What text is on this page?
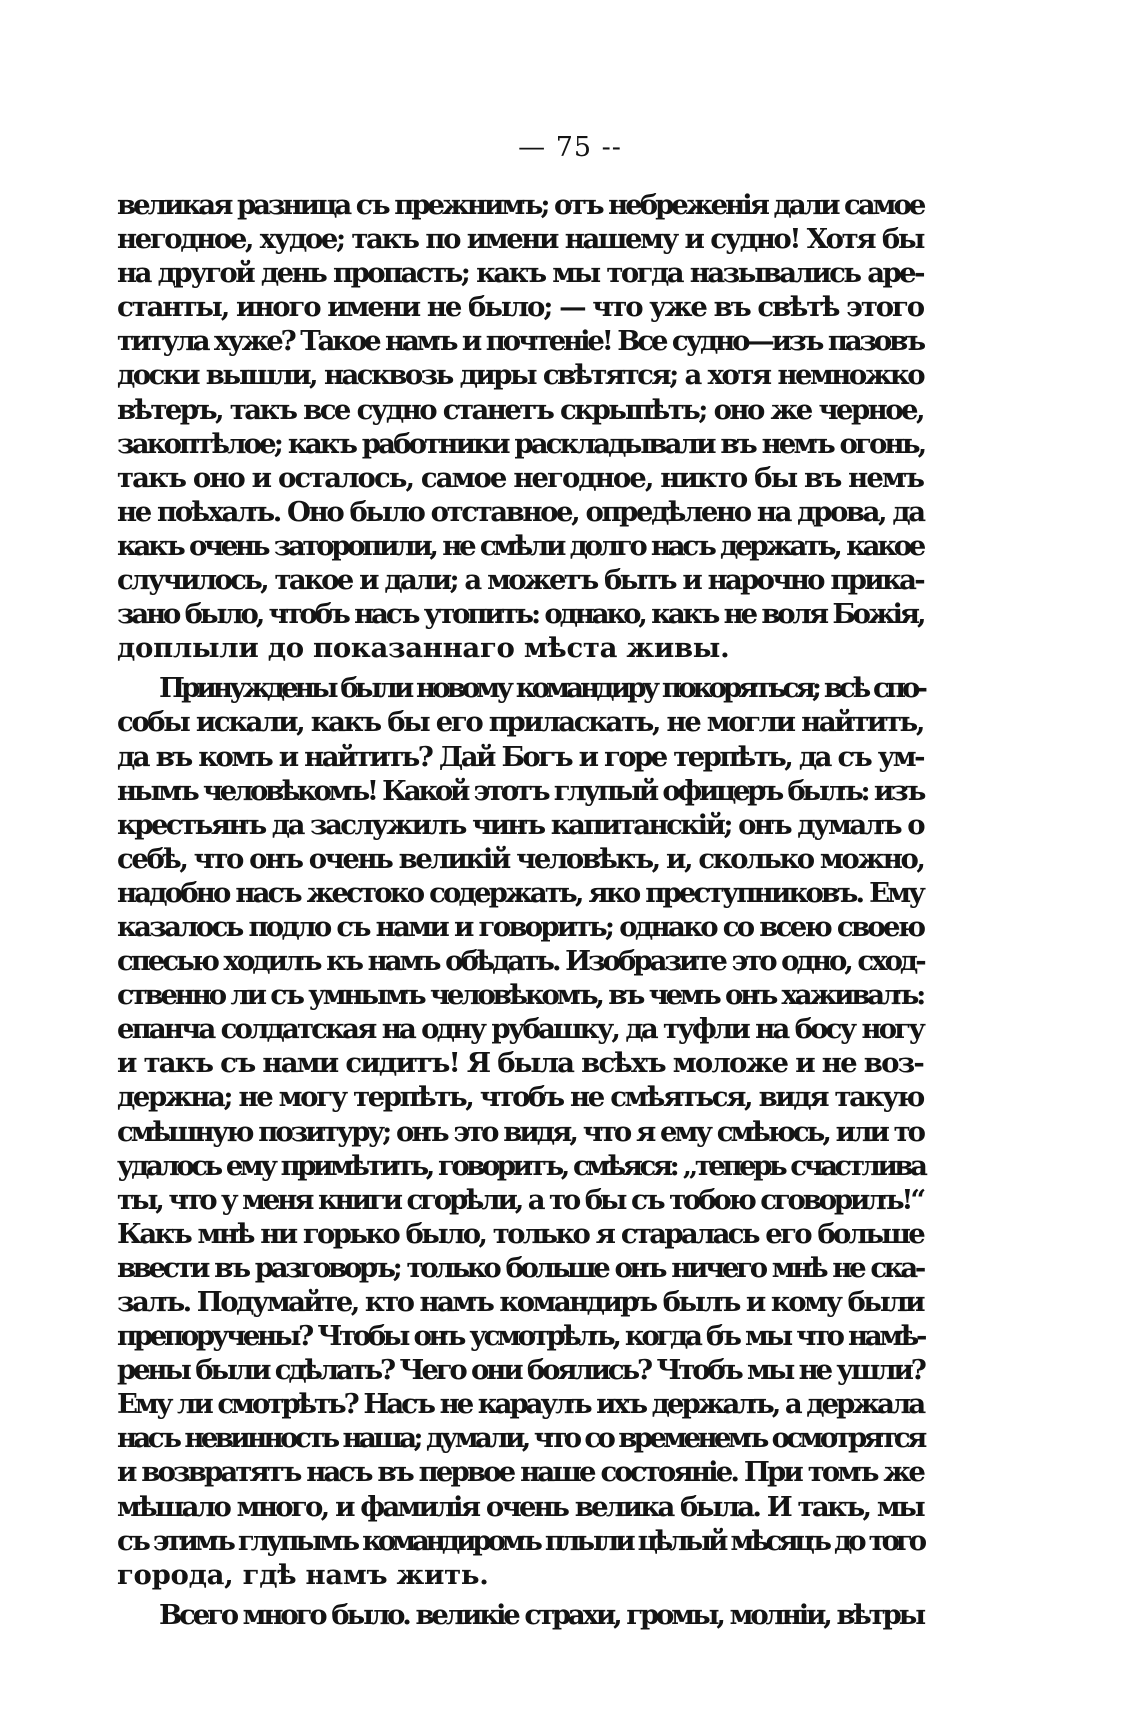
— 75 --
великая разница съ прежнимъ; отъ небреженія дали самое
негодное, худое; такъ по имени нашему и судно! Хотя бы
на другой день пропасть; какъ мы тогда назывались аре-
станты, иного имени не было; — что уже въ свѣтѣ этого
титула хуже? Такое намъ и почтеніе! Все судно—изъ пазовъ
доски вышли, насквозь диры свѣтятся; а хотя немножко
вѣтеръ, такъ все судно станетъ скрыпѣть; оно же черное,
закоптѣлое; какъ работники раскладывали въ немъ огонь,
такъ оно и осталось, самое негодное, никто бы въ немъ
не поѣхалъ. Оно было отставное, опредѣлено на дрова, да
какъ очень заторопили, не смѣли долго насъ держать, какое
случилось, такое и дали; а можетъ быть и нарочно прика-
зано было, чтобъ насъ утопить: однако, какъ не воля Божія,
доплыли до показаннаго мѣста живы.
Принуждены были новому командиру покоряться; всѣ спо-
собы искали, какъ бы его приласкать, не могли найтить,
да въ комъ и найтить? Дай Богъ и горе терпѣть, да съ ум-
нымъ человѣкомъ! Какой этотъ глупый офицеръ былъ: изъ
крестьянъ да заслужилъ чинъ капитанскій; онъ думалъ о
себѣ, что онъ очень великій человѣкъ, и, сколько можно,
надобно насъ жестоко содержать, яко преступниковъ. Ему
казалось подло съ нами и говорить; однако со всею своею
спесью ходилъ къ намъ обѣдать. Изобразите это одно, сход-
ственно ли съ умнымъ человѣкомъ, въ чемъ онъ хаживалъ:
епанча солдатская на одну рубашку, да туфли на босу ногу
и такъ съ нами сидитъ! Я была всѣхъ моложе и не воз-
держна; не могу терпѣть, чтобъ не смѣяться, видя такую
смѣшную позитуру; онъ это видя, что я ему смѣюсь, или то
удалось ему примѣтить, говоритъ, смѣяся: „теперь счастлива
ты, что у меня книги сгорѣли, а то бы съ тобою сговорилъ!“
Какъ мнѣ ни горько было, только я старалась его больше
ввести въ разговоръ; только больше онъ ничего мнѣ не ска-
залъ. Подумайте, кто намъ командиръ былъ и кому были
препоручены? Чтобы онъ усмотрѣлъ, когда бъ мы что намѣ-
рены были сдѣлать? Чего они боялись? Чтобъ мы не ушли?
Ему ли смотрѣть? Насъ не караулъ ихъ держалъ, а держала
насъ невинность наша; думали, что со временемъ осмотрятся
и возвратятъ насъ въ первое наше состояніе. При томъ же
мѣшало много, и фамилія очень велика была. И такъ, мы
съ этимъ глупымъ командиромъ плыли цѣлый мѣсяцъ до того
города, гдѣ намъ жить.
Всего много было. великіе страхи, громы, молніи, вѣтры
